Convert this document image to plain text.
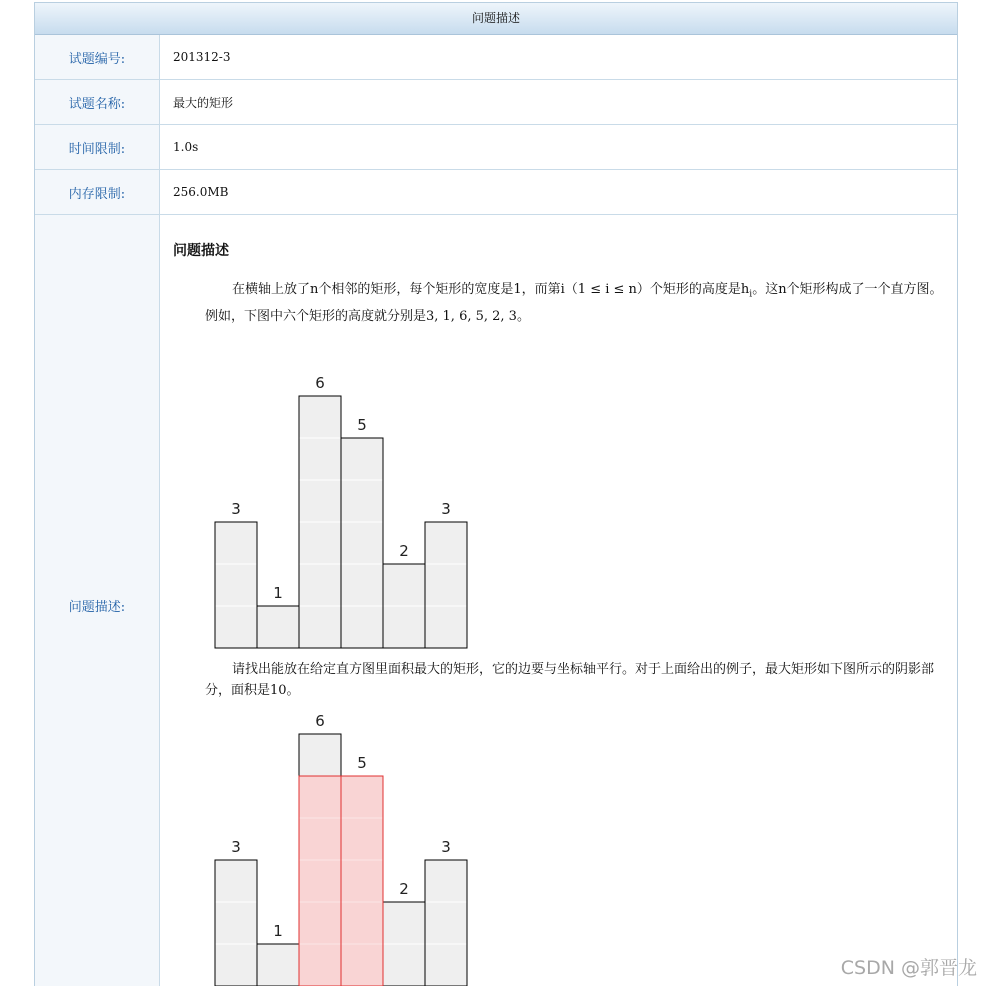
问题描述
试题编号:	201312-3
试题名称:	最大的矩形
时间限制:	1.0s
内存限制:	256.0MB
问题描述:
问题描述
在横轴上放了n个相邻的矩形，每个矩形的宽度是1，而第i（1 ≤ i ≤ n）个矩形的高度是$h_i$。这n个矩形构成了一个直方图。例如，下图中六个矩形的高度就分别是3, 1, 6, 5, 2, 3。
请找出能放在给定直方图里面积最大的矩形，它的边要与坐标轴平行。对于上面给出的例子，最大矩形如下图所示的阴影部分，面积是10。
3
1
6
5
2
3
3
1
6
5
2
3
CSDN @郭晋龙
